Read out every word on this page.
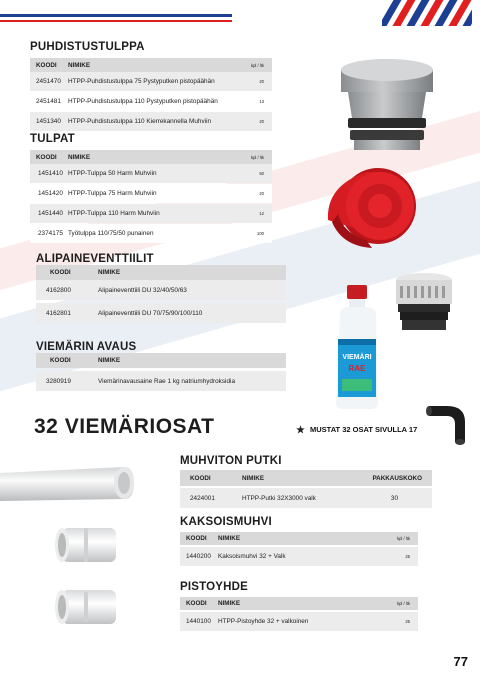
PUHDISTUSTULPPA
KOODI	NIMIKE	kpl / ltk
2451470	HTPP-Puhdistustulppa 75 Pystyputken pistopäähän	20
2451481	HTPP-Puhdistustulppa 110 Pystyputken pistopäähän	13
1451340	HTPP-Puhdistustulppa 110 Kierrekannella Muhviin	20
TULPAT
KOODI	NIMIKE	kpl / ltk
1451410 HTPP-Tulppa 50 Harm Muhviin	50
1451420 HTPP-Tulppa 75 Harm Muhviin	20
1451440 HTPP-Tulppa 110 Harm Muhviin	12
2374175 Työtulppa 110/75/50 punainen	100
ALIPAINEVENTTIILIT
KOODI	NIMIKE
4162800	Alipaineventtiili DU 32/40/50/63
4162801	Alipaineventtiili DU 70/75/90/100/110
VIEMÄRIN AVAUS
KOODI	NIMIKE
3280919	Viemärinavausaine Rae 1 kg natriumhydroksidia
32 VIEMÄRIOSAT	MUSTAT 32 OSAT SIVULLA 17
MUHVITON PUTKI
KOODI	NIMIKE	PAKKAUSKOKO
2424001	HTPP-Putki 32X3000 valk	30
KAKSOISMUHVI
KOODI	NIMIKE	kpl / ltk
1440200	Kaksoismuhvi 32 + Valk	25
PISTOYHDE
KOODI	NIMIKE	kpl / ltk
1440100	HTPP-Pistoyhde 32 + valkoinen	25
VIEMÄRI
RAE
77
